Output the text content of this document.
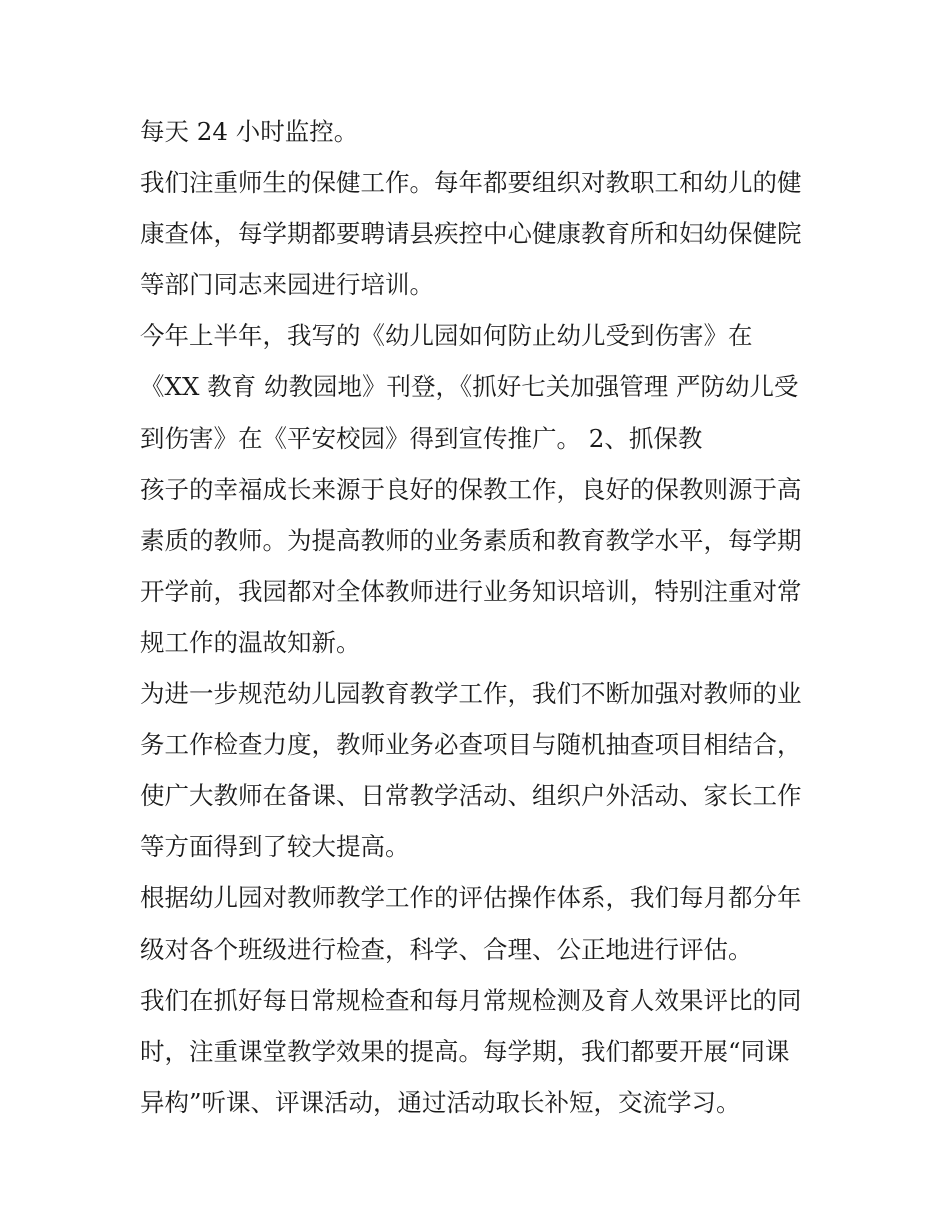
每天 24 小时监控。
我们注重师生的保健工作。每年都要组织对教职工和幼儿的健
康查体，每学期都要聘请县疾控中心健康教育所和妇幼保健院
等部门同志来园进行培训。
今年上半年，我写的《幼儿园如何防止幼儿受到伤害》在
《XX 教育 幼教园地》刊登，《抓好七关加强管理 严防幼儿受
到伤害》在《平安校园》得到宣传推广。 2、抓保教
孩子的幸福成长来源于良好的保教工作，良好的保教则源于高
素质的教师。为提高教师的业务素质和教育教学水平，每学期
开学前，我园都对全体教师进行业务知识培训，特别注重对常
规工作的温故知新。
为进一步规范幼儿园教育教学工作，我们不断加强对教师的业
务工作检查力度，教师业务必查项目与随机抽查项目相结合，
使广大教师在备课、日常教学活动、组织户外活动、家长工作
等方面得到了较大提高。
根据幼儿园对教师教学工作的评估操作体系，我们每月都分年
级对各个班级进行检查，科学、合理、公正地进行评估。
我们在抓好每日常规检查和每月常规检测及育人效果评比的同
时，注重课堂教学效果的提高。每学期，我们都要开展“同课
异构”听课、评课活动，通过活动取长补短，交流学习。
